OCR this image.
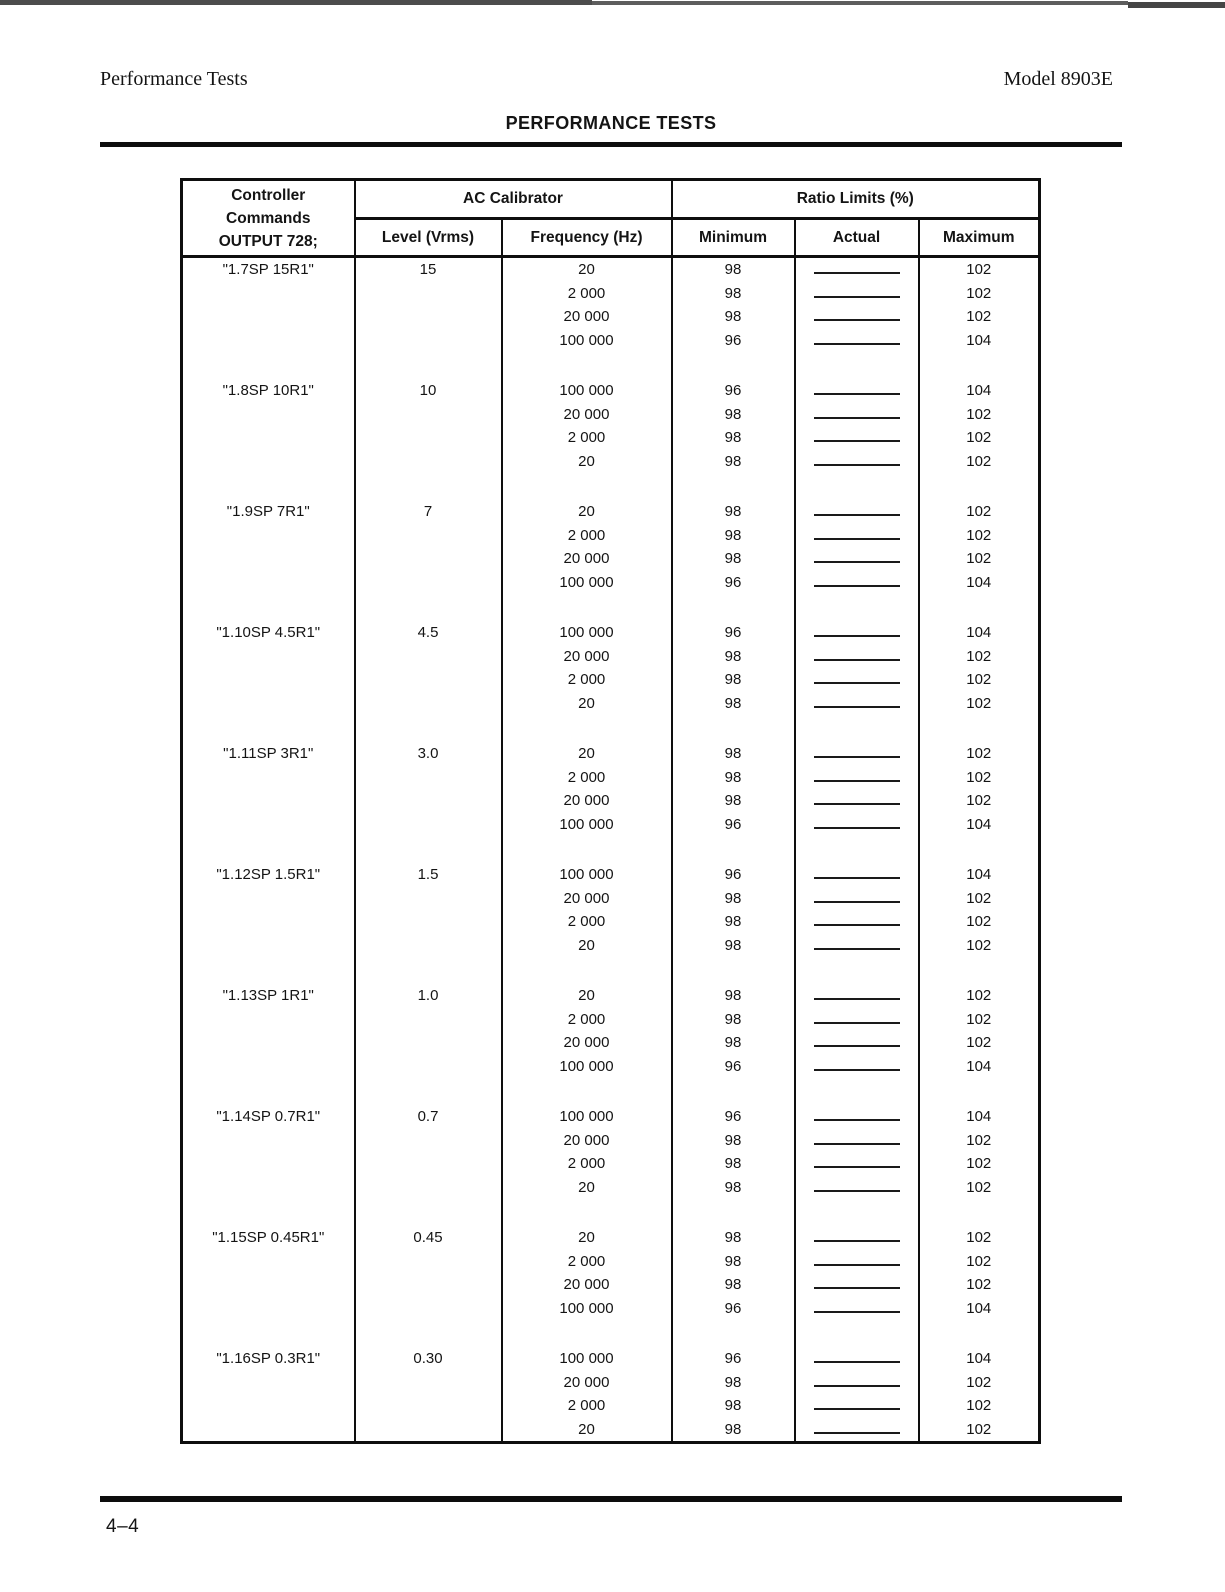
Performance Tests	Model 8903E
PERFORMANCE TESTS
Controller
Commands
OUTPUT 728;	AC Calibrator		Ratio Limits (%)		
	Level (Vrms)	Frequency (Hz)	Minimum	Actual	Maximum
"1.7SP 15R1"	15	20	98		102
		2 000	98		102
		20 000	98		102
		100 000	96		104

"1.8SP 10R1"	10	100 000	96		104
		20 000	98		102
		2 000	98		102
		20	98		102

"1.9SP 7R1"	7	20	98		102
		2 000	98		102
		20 000	98		102
		100 000	96		104

"1.10SP 4.5R1"	4.5	100 000	96		104
		20 000	98		102
		2 000	98		102
		20	98		102

"1.11SP 3R1"	3.0	20	98		102
		2 000	98		102
		20 000	98		102
		100 000	96		104

"1.12SP 1.5R1"	1.5	100 000	96		104
		20 000	98		102
		2 000	98		102
		20	98		102

"1.13SP 1R1"	1.0	20	98		102
		2 000	98		102
		20 000	98		102
		100 000	96		104

"1.14SP 0.7R1"	0.7	100 000	96		104
		20 000	98		102
		2 000	98		102
		20	98		102

"1.15SP 0.45R1"	0.45	20	98		102
		2 000	98		102
		20 000	98		102
		100 000	96		104

"1.16SP 0.3R1"	0.30	100 000	96		104
		20 000	98		102
		2 000	98		102
		20	98		102
4–4
